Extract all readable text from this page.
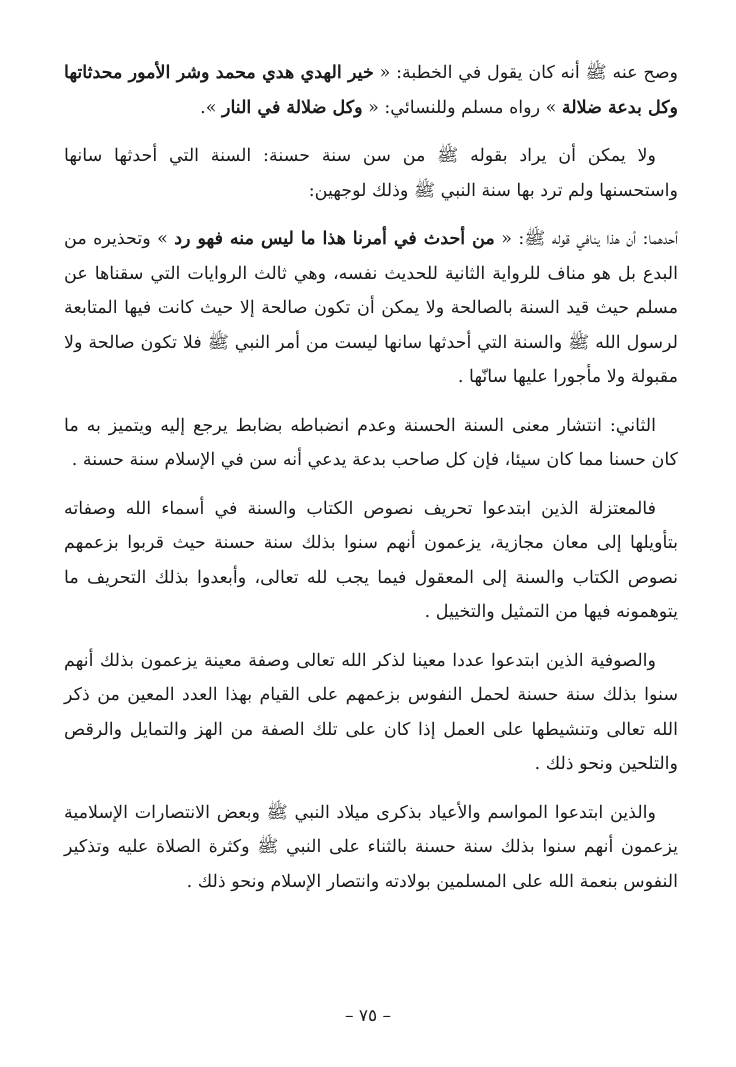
وصح عنه ﷺ أنه كان يقول في الخطبة: « خير الهدي هدي محمد وشر الأمور محدثاتها وكل بدعة ضلالة » رواه مسلم وللنسائي: « وكل ضلالة في النار ».

ولا يمكن أن يراد بقوله ﷺ من سن سنة حسنة: السنة التي أحدثها سانها واستحسنها ولم ترد بها سنة النبي ﷺ وذلك لوجهين:

أحدهما: أن هذا ينافي قوله ﷺ: « من أحدث في أمرنا هذا ما ليس منه فهو رد » وتحذيره من البدع بل هو مناف للرواية الثانية للحديث نفسه، وهي ثالث الروايات التي سقناها عن مسلم حيث قيد السنة بالصالحة ولا يمكن أن تكون صالحة إلا حيث كانت فيها المتابعة لرسول الله ﷺ والسنة التي أحدثها سانها ليست من أمر النبي ﷺ فلا تكون صالحة ولا مقبولة ولا مأجورا عليها سانّها .

الثاني: انتشار معنى السنة الحسنة وعدم انضباطه بضابط يرجع إليه ويتميز به ما كان حسنا مما كان سيئا، فإن كل صاحب بدعة يدعي أنه سن في الإسلام سنة حسنة .

فالمعتزلة الذين ابتدعوا تحريف نصوص الكتاب والسنة في أسماء الله وصفاته بتأويلها إلى معان مجازية، يزعمون أنهم سنوا بذلك سنة حسنة حيث قربوا بزعمهم نصوص الكتاب والسنة إلى المعقول فيما يجب لله تعالى، وأبعدوا بذلك التحريف ما يتوهمونه فيها من التمثيل والتخييل .

والصوفية الذين ابتدعوا عددا معينا لذكر الله تعالى وصفة معينة يزعمون بذلك أنهم سنوا بذلك سنة حسنة لحمل النفوس بزعمهم على القيام بهذا العدد المعين من ذكر الله تعالى وتنشيطها على العمل إذا كان على تلك الصفة من الهز والتمايل والرقص والتلحين ونحو ذلك .

والذين ابتدعوا المواسم والأعياد بذكرى ميلاد النبي ﷺ وبعض الانتصارات الإسلامية يزعمون أنهم سنوا بذلك سنة حسنة بالثناء على النبي ﷺ وكثرة الصلاة عليه وتذكير النفوس بنعمة الله على المسلمين بولادته وانتصار الإسلام ونحو ذلك .

– ٧٥ –
